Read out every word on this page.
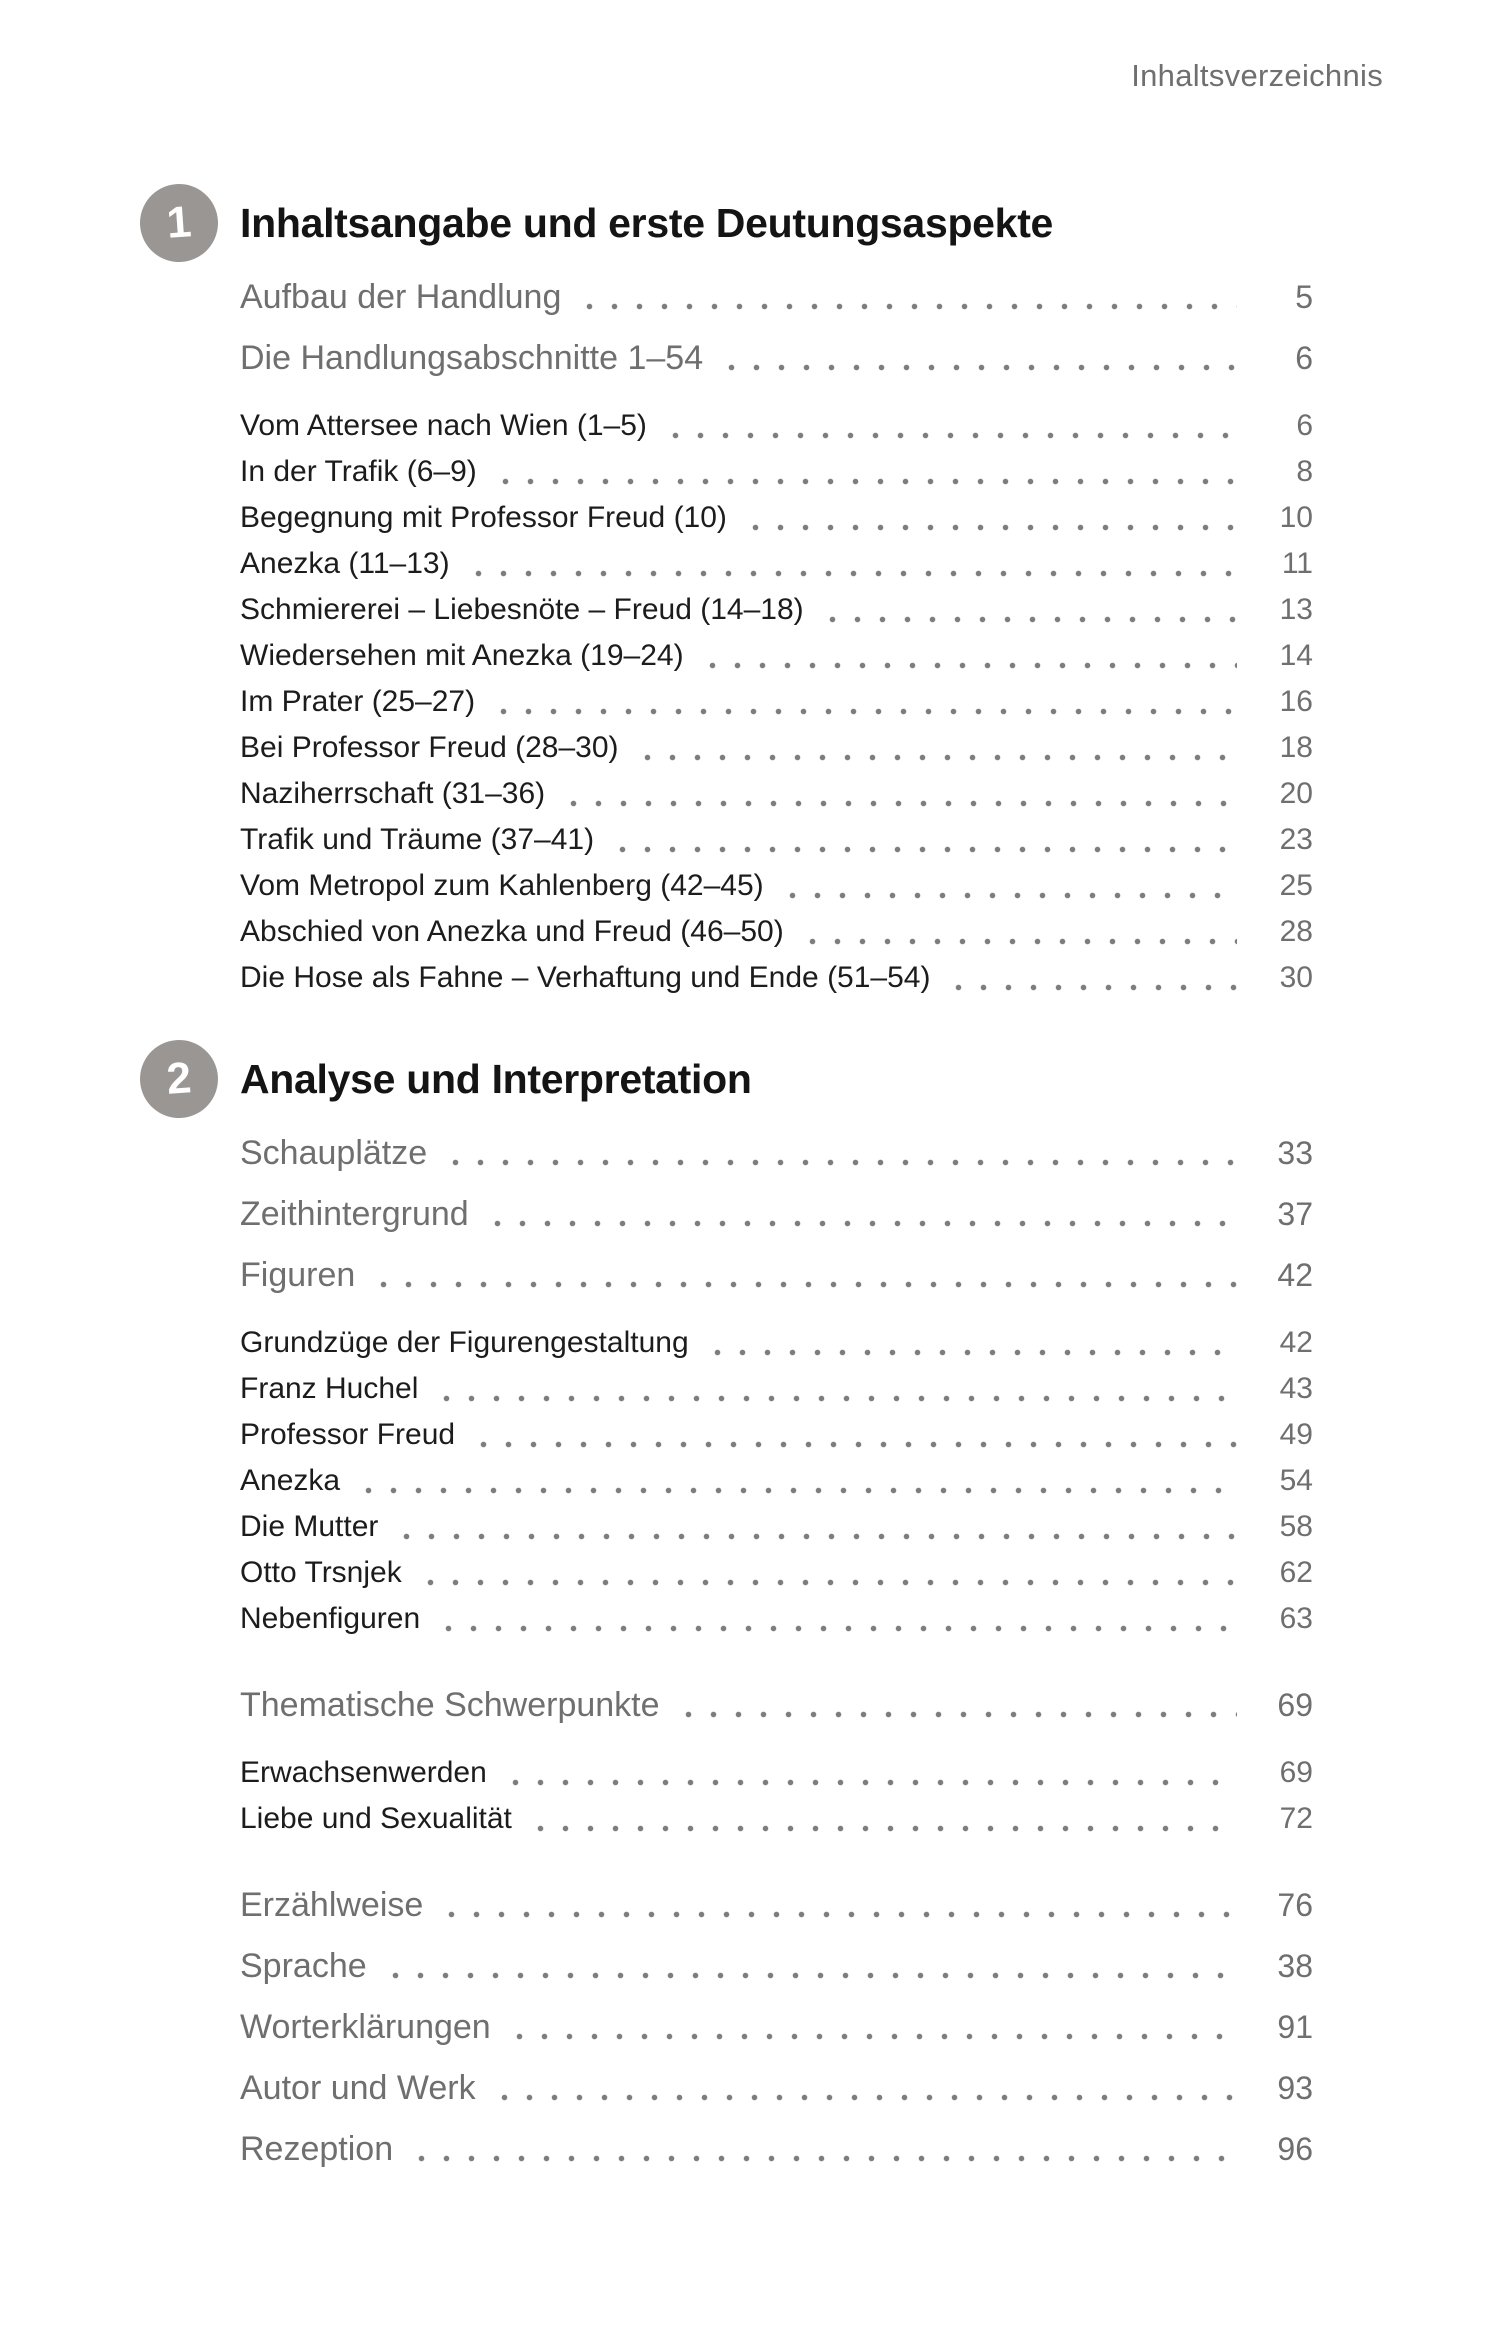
Inhaltsverzeichnis
1	Inhaltsangabe und erste Deutungsaspekte
Aufbau der Handlung	5
Die Handlungsabschnitte 1–54	6
Vom Attersee nach Wien (1–5)	6
In der Trafik (6–9)	8
Begegnung mit Professor Freud (10)	10
Anezka (11–13)	11
Schmiererei – Liebesnöte – Freud (14–18)	13
Wiedersehen mit Anezka (19–24)	14
Im Prater (25–27)	16
Bei Professor Freud (28–30)	18
Naziherrschaft (31–36)	20
Trafik und Träume (37–41)	23
Vom Metropol zum Kahlenberg (42–45)	25
Abschied von Anezka und Freud (46–50)	28
Die Hose als Fahne – Verhaftung und Ende (51–54)	30
2	Analyse und Interpretation
Schauplätze	33
Zeithintergrund	37
Figuren	42
Grundzüge der Figurengestaltung	42
Franz Huchel	43
Professor Freud	49
Anezka	54
Die Mutter	58
Otto Trsnjek	62
Nebenfiguren	63
Thematische Schwerpunkte	69
Erwachsenwerden	69
Liebe und Sexualität	72
Erzählweise	76
Sprache	38
Worterklärungen	91
Autor und Werk	93
Rezeption	96
